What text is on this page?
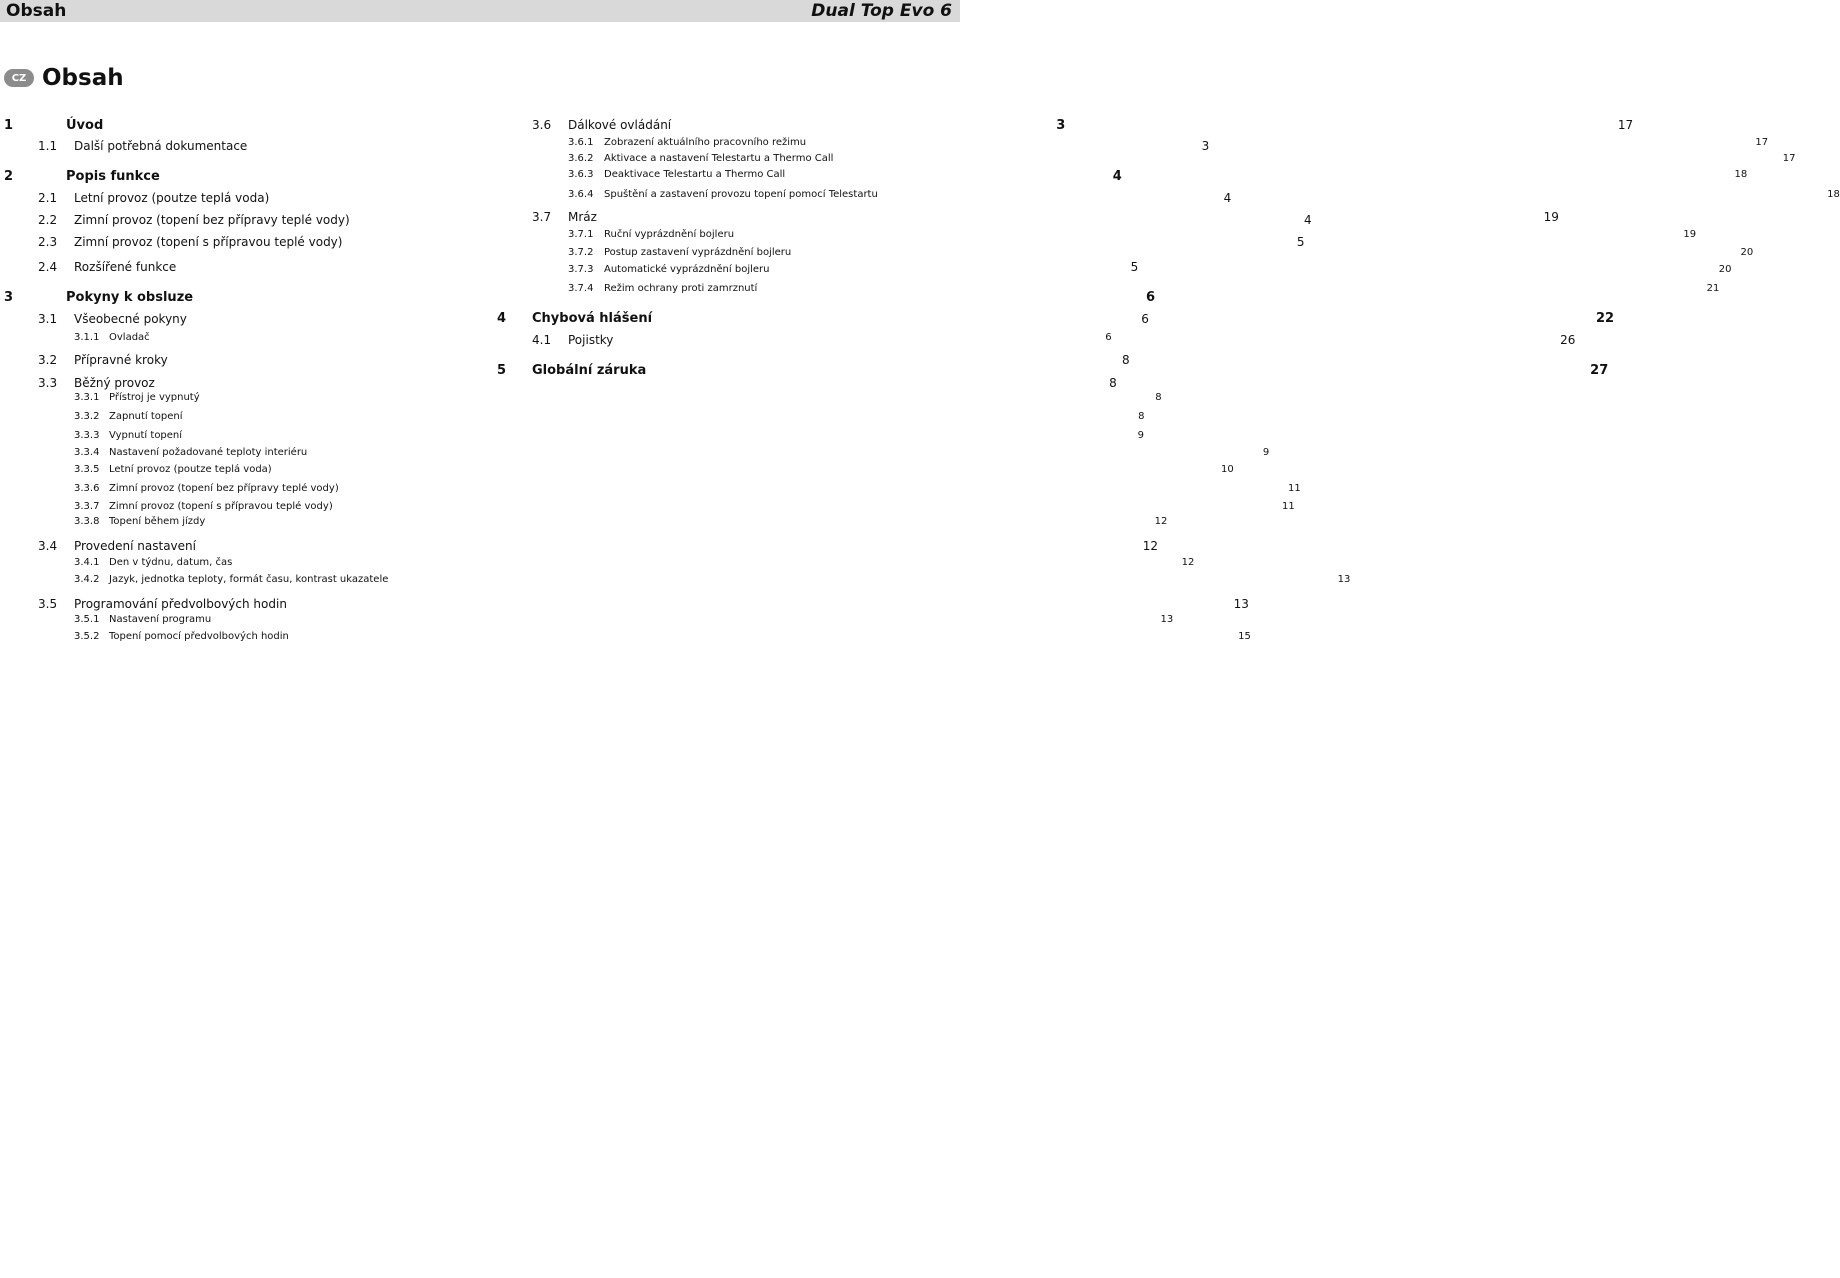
Obsah	Dual Top Evo 6
CZ Obsah
1	Úvod	3
1.1	Další potřebná dokumentace	3
2	Popis funkce	4
2.1	Letní provoz (poutze teplá voda)	4
2.2	Zimní provoz (topení bez přípravy teplé vody)	4
2.3	Zimní provoz (topení s přípravou teplé vody)	5
2.4	Rozšířené funkce	5
3	Pokyny k obsluze	6
3.1	Všeobecné pokyny	6
3.1.1 Ovladač	6
3.2	Přípravné kroky	8
3.3	Běžný provoz	8
3.3.1 Přístroj je vypnutý	8
3.3.2 Zapnutí topení	8
3.3.3 Vypnutí topení	9
3.3.4 Nastavení požadované teploty interiéru	9
3.3.5 Letní provoz (poutze teplá voda)	10
3.3.6 Zimní provoz (topení bez přípravy teplé vody)	11
3.3.7 Zimní provoz (topení s přípravou teplé vody)	11
3.3.8 Topení během jízdy	12
3.4	Provedení nastavení	12
3.4.1 Den v týdnu, datum, čas	12
3.4.2 Jazyk, jednotka teploty, formát času, kontrast ukazatele	13
3.5	Programování předvolbových hodin	13
3.5.1 Nastavení programu	13
3.5.2 Topení pomocí předvolbových hodin	15
3.6	Dálkové ovládání	17
3.6.1	Zobrazení aktuálního pracovního režimu	17
3.6.2	Aktivace a nastavení Telestartu a Thermo Call	17
3.6.3	Deaktivace Telestartu a Thermo Call	18
3.6.4	Spuštění a zastavení provozu topení pomocí Telestartu	18
3.7	Mráz	19
3.7.1	Ruční vyprázdnění bojleru	19
3.7.2	Postup zastavení vyprázdnění bojleru	20
3.7.3	Automatické vyprázdnění bojleru	20
3.7.4	Režim ochrany proti zamrznutí	21
4	Chybová hlášení	22
4.1	Pojistky	26
5	Globální záruka	27
